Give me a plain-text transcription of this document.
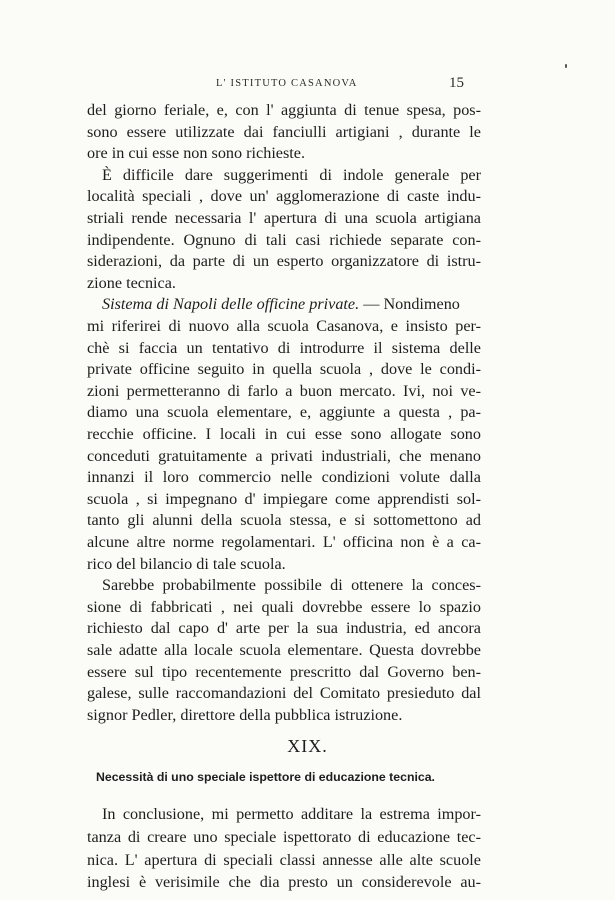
L' ISTITUTO CASANOVA	15
del giorno feriale, e, con l' aggiunta di tenue spesa, pos-
sono essere utilizzate dai fanciulli artigiani , durante le
ore in cui esse non sono richieste.
È difficile dare suggerimenti di indole generale per
località speciali , dove un' agglomerazione di caste indu-
striali rende necessaria l' apertura di una scuola artigiana
indipendente. Ognuno di tali casi richiede separate con-
siderazioni, da parte di un esperto organizzatore di istru-
zione tecnica.
Sistema di Napoli delle officine private. — Nondimeno
mi riferirei di nuovo alla scuola Casanova, e insisto per-
chè si faccia un tentativo di introdurre il sistema delle
private officine seguito in quella scuola , dove le condi-
zioni permetteranno di farlo a buon mercato. Ivi, noi ve-
diamo una scuola elementare, e, aggiunte a questa , pa-
recchie officine. I locali in cui esse sono allogate sono
conceduti gratuitamente a privati industriali, che menano
innanzi il loro commercio nelle condizioni volute dalla
scuola , si impegnano d' impiegare come apprendisti sol-
tanto gli alunni della scuola stessa, e si sottomettono ad
alcune altre norme regolamentari. L' officina non è a ca-
rico del bilancio di tale scuola.
Sarebbe probabilmente possibile di ottenere la conces-
sione di fabbricati , nei quali dovrebbe essere lo spazio
XIX.
Necessità di uno speciale ispettore di educazione tecnica.
In conclusione, mi permetto additare la estrema impor-
tanza di creare uno speciale ispettorato di educazione tec-
nica. L' apertura di speciali classi annesse alle alte scuole
inglesi è verisimile che dia presto un considerevole au-
richiesto dal capo d' arte per la sua industria, ed ancora
sale adatte alla locale scuola elementare. Questa dovrebbe
essere sul tipo recentemente prescritto dal Governo ben-
galese, sulle raccomandazioni del Comitato presieduto dal
signor Pedler, direttore della pubblica istruzione.
